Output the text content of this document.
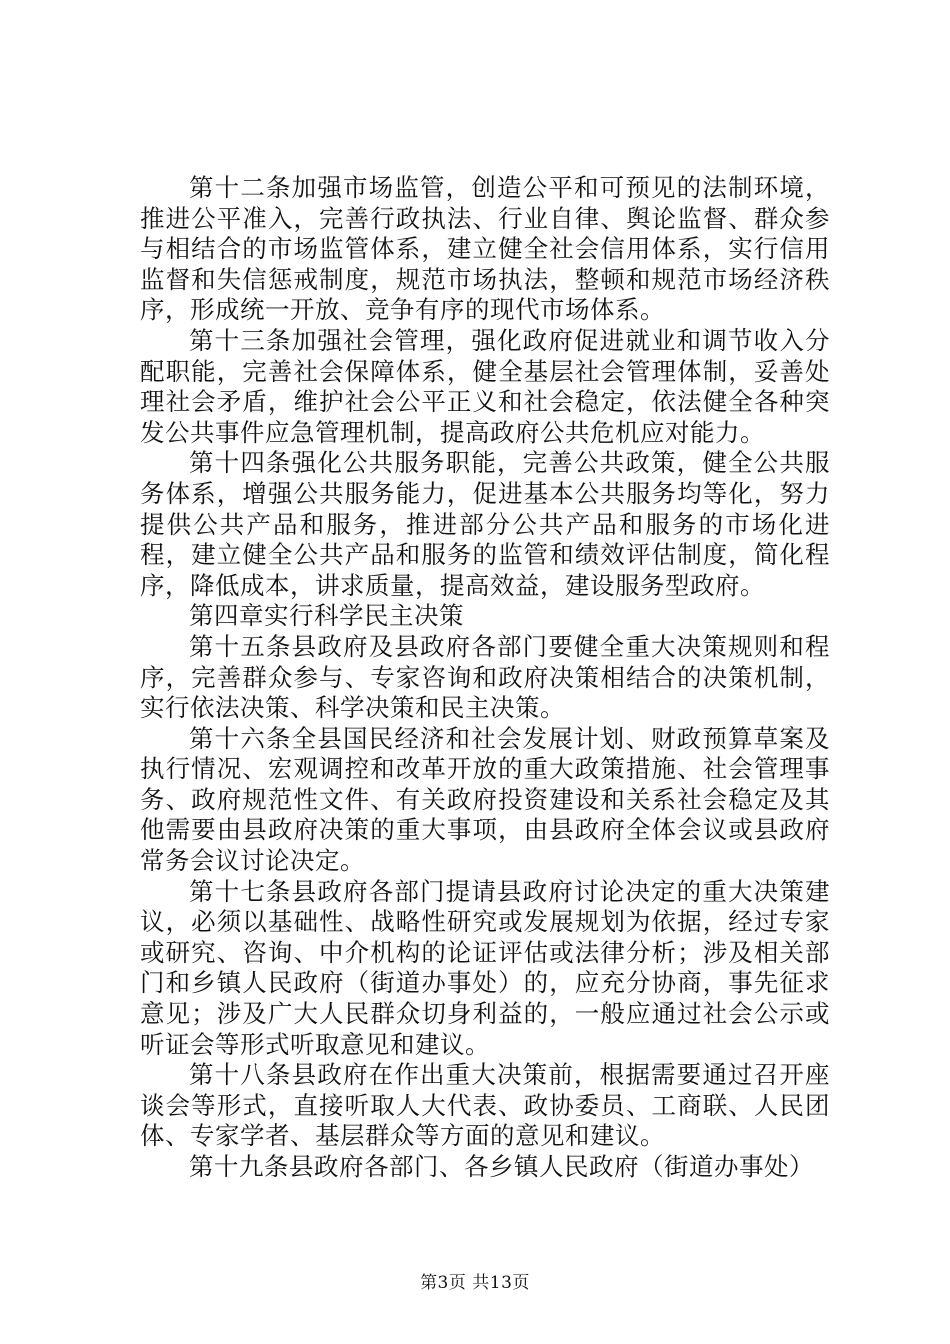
第十二条加强市场监管，创造公平和可预见的法制环境，推进公平准入，完善行政执法、行业自律、舆论监督、群众参与相结合的市场监管体系，建立健全社会信用体系，实行信用监督和失信惩戒制度，规范市场执法，整顿和规范市场经济秩序，形成统一开放、竞争有序的现代市场体系。

第十三条加强社会管理，强化政府促进就业和调节收入分配职能，完善社会保障体系，健全基层社会管理体制，妥善处理社会矛盾，维护社会公平正义和社会稳定，依法健全各种突发公共事件应急管理机制，提高政府公共危机应对能力。

第十四条强化公共服务职能，完善公共政策，健全公共服务体系，增强公共服务能力，促进基本公共服务均等化，努力提供公共产品和服务，推进部分公共产品和服务的市场化进程，建立健全公共产品和服务的监管和绩效评估制度，简化程序，降低成本，讲求质量，提高效益，建设服务型政府。

第四章实行科学民主决策

第十五条县政府及县政府各部门要健全重大决策规则和程序，完善群众参与、专家咨询和政府决策相结合的决策机制，实行依法决策、科学决策和民主决策。

第十六条全县国民经济和社会发展计划、财政预算草案及执行情况、宏观调控和改革开放的重大政策措施、社会管理事务、政府规范性文件、有关政府投资建设和关系社会稳定及其他需要由县政府决策的重大事项，由县政府全体会议或县政府常务会议讨论决定。

第十七条县政府各部门提请县政府讨论决定的重大决策建议，必须以基础性、战略性研究或发展规划为依据，经过专家或研究、咨询、中介机构的论证评估或法律分析；涉及相关部门和乡镇人民政府（街道办事处）的，应充分协商，事先征求意见；涉及广大人民群众切身利益的，一般应通过社会公示或听证会等形式听取意见和建议。

第十八条县政府在作出重大决策前，根据需要通过召开座谈会等形式，直接听取人大代表、政协委员、工商联、人民团体、专家学者、基层群众等方面的意见和建议。

第十九条县政府各部门、各乡镇人民政府（街道办事处）

第3页 共13页
